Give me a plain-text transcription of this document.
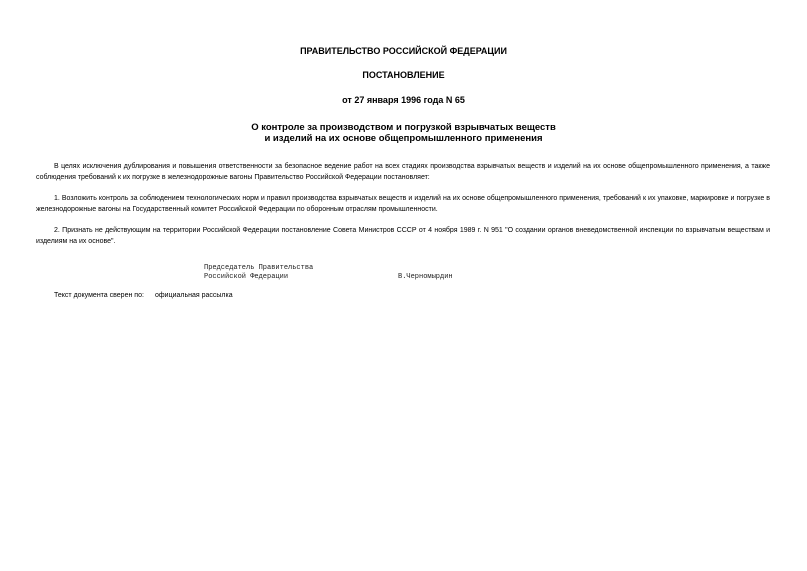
ПРАВИТЕЛЬСТВО РОССИЙСКОЙ ФЕДЕРАЦИИ
ПОСТАНОВЛЕНИЕ
от 27 января 1996 года N 65
О контроле за производством и погрузкой взрывчатых веществ
и изделий на их основе общепромышленного применения
В целях исключения дублирования и повышения ответственности за безопасное ведение работ на всех стадиях производства взрывчатых веществ и изделий на их основе общепромышленного применения, а также соблюдения требований к их погрузке в железнодорожные вагоны Правительство Российской Федерации постановляет:
1. Возложить контроль за соблюдением технологических норм и правил производства взрывчатых веществ и изделий на их основе общепромышленного применения, требований к их упаковке, маркировке и погрузке в железнодорожные вагоны на Государственный комитет Российской Федерации по оборонным отраслям промышленности.
2. Признать не действующим на территории Российской Федерации постановление Совета Министров СССР от 4 ноября 1989 г. N 951 "О создании органов вневедомственной инспекции по взрывчатым веществам и изделиям на их основе".
Председатель Правительства
Российской Федерации	В.Черномырдин
Текст документа сверен по: официальная рассылка
